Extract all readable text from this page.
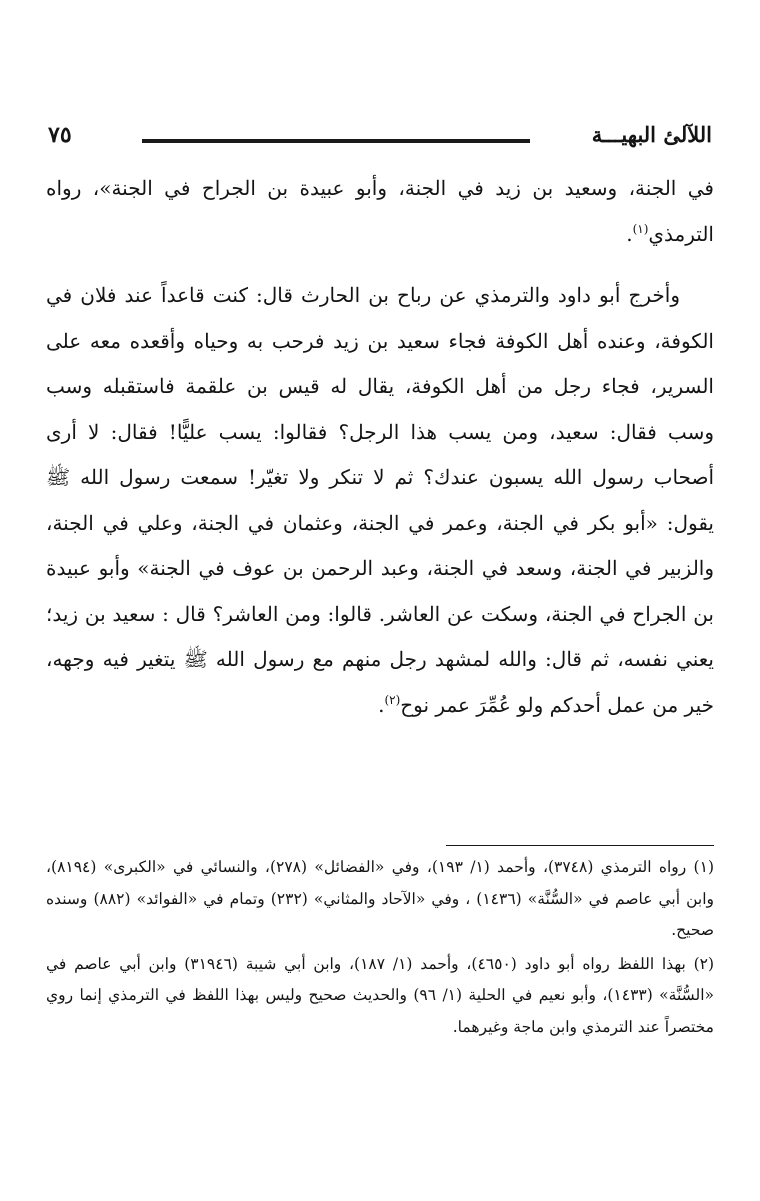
٧٥	اللآلئ البهيـــة

في الجنة، وسعيد بن زيد في الجنة، وأبو عبيدة بن الجراح في الجنة»، رواه الترمذي$^{(١)}$.

وأخرج أبو داود والترمذي عن رباح بن الحارث قال: كنت قاعداً عند فلان في الكوفة، وعنده أهل الكوفة فجاء سعيد بن زيد فرحب به وحياه وأقعده معه على السرير، فجاء رجل من أهل الكوفة، يقال له قيس بن علقمة فاستقبله وسب وسب فقال: سعيد، ومن يسب هذا الرجل؟ فقالوا: يسب عليًّا! فقال: لا أرى أصحاب رسول الله يسبون عندك؟ ثم لا تنكر ولا تغيّر! سمعت رسول الله ﷺ يقول: «أبو بكر في الجنة، وعمر في الجنة، وعثمان في الجنة، وعلي في الجنة، والزبير في الجنة، وسعد في الجنة، وعبد الرحمن بن عوف في الجنة» وأبو عبيدة بن الجراح في الجنة، وسكت عن العاشر. قالوا: ومن العاشر؟ قال : سعيد بن زيد؛ يعني نفسه، ثم قال: والله لمشهد رجل منهم مع رسول الله ﷺ يتغير فيه وجهه، خير من عمل أحدكم ولو عُمِّرَ عمر نوح$^{(٢)}$.

(١) رواه الترمذي (٣٧٤٨)، وأحمد (١/ ١٩٣)، وفي «الفضائل» (٢٧٨)، والنسائي في «الكبرى» (٨١٩٤)، وابن أبي عاصم في «السُّنَّة» (١٤٣٦) ، وفي «الآحاد والمثاني» (٢٣٢) وتمام في «الفوائد» (٨٨٢) وسنده صحيح.

(٢) بهذا اللفظ رواه أبو داود (٤٦٥٠)، وأحمد (١/ ١٨٧)، وابن أبي شيبة (٣١٩٤٦) وابن أبي عاصم في «السُّنَّة» (١٤٣٣)، وأبو نعيم في الحلية (١/ ٩٦) والحديث صحيح وليس بهذا اللفظ في الترمذي إنما روي مختصراً عند الترمذي وابن ماجة وغيرهما.
